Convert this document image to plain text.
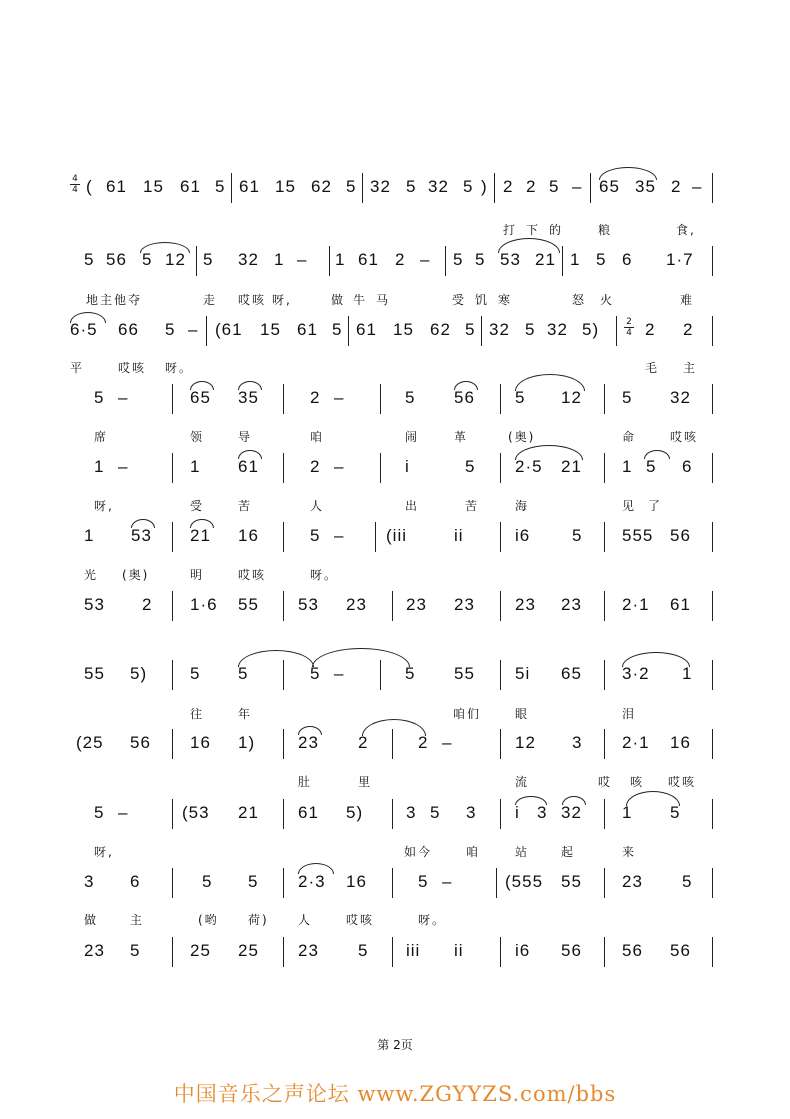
4
4
2
4
( 61 15 61 5 61 15 62 5 32 5 32 5 ) 2 2 5 – 65 35 2 –
打 下 的	粮	食,
5 56 5 12 5 32 1 – 1 61 2 – 5 5 53 21 1 5 6 1·7
地主他夺	走 哎咳 呀,	做 牛 马	受 饥 寒	怒 火	难
6·5 66 5 – (61 15 61 5 61 15 62 5 32 5 32 5)	2 2
平	哎咳 呀。	毛 主
5 –	65 35	2 –	5 56 5 12 5 32
席	领	导	咱	闹	革	(奥)	命	哎咳
1 –	1 61	2 –	i	5 2·5 21 1 5 6
呀,	受	苦	人	出	苦	海	见 了
1 53 21 16	5 – (iii	ii	i6 5 555 56
光 (奥)	明	哎咳	呀。
53 2 1·6 55 53 23 23 23 23 23 2·1 61
55 5)	5 5	5 –	5 55 5i 65 3·2 1
往	年	咱们	眼	泪
(25 56 16 1)	23 2	2 –	12 3 2·1 16
肚	里	流	哎 咳 哎咳
5 –	(53 21 61 5)	3 5 3 i 3 32 1 5
呀,	如今	咱	站	起	来
3 6	5 5 2·3 16	5 –	(555 55 23 5
做	主	(哟 荷) 人	哎咳	呀。
23 5	25 25 23 5 iii ii	i6 56 56 56
第 2页
中国音乐之声论坛 www.ZGYYZS.com/bbs
